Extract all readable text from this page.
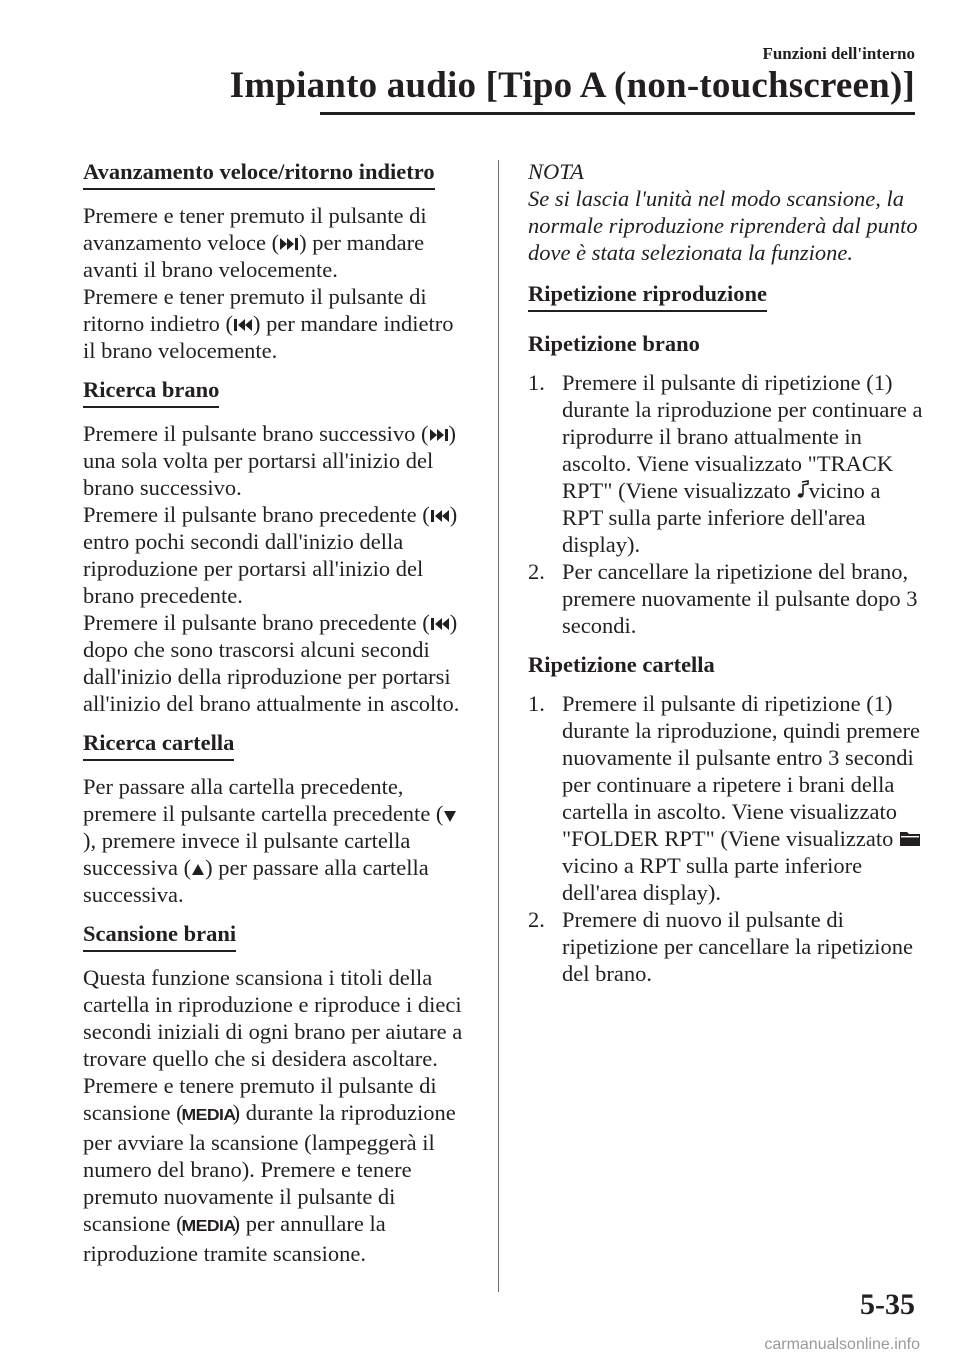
Funzioni dell'interno
Impianto audio [Tipo A (non-touchscreen)]
Avanzamento veloce/ritorno indietro

Premere e tener premuto il pulsante di avanzamento veloce ( ) per mandare avanti il brano velocemente.

Premere e tener premuto il pulsante di ritorno indietro ( ) per mandare indietro il brano velocemente.

Ricerca brano

Premere il pulsante brano successivo ( ) una sola volta per portarsi all'inizio del brano successivo.

Premere il pulsante brano precedente ( ) entro pochi secondi dall'inizio della riproduzione per portarsi all'inizio del brano precedente.

Premere il pulsante brano precedente ( ) dopo che sono trascorsi alcuni secondi dall'inizio della riproduzione per portarsi all'inizio del brano attualmente in ascolto.

Ricerca cartella

Per passare alla cartella precedente, premere il pulsante cartella precedente (), premere invece il pulsante cartella successiva ( ) per passare alla cartella successiva.

Scansione brani

Questa funzione scansiona i titoli della cartella in riproduzione e riproduce i dieci secondi iniziali di ogni brano per aiutare a trovare quello che si desidera ascoltare.

Premere e tenere premuto il pulsante di scansione (MEDIA) durante la riproduzione per avviare la scansione (lampeggerà il numero del brano). Premere e tenere premuto nuovamente il pulsante di scansione (MEDIA) per annullare la riproduzione tramite scansione.

NOTA
Se si lascia l'unità nel modo scansione, la normale riproduzione riprenderà dal punto dove è stata selezionata la funzione.
Ripetizione riproduzione
Ripetizione brano
1. Premere il pulsante di ripetizione (1) durante la riproduzione per continuare a riprodurre il brano attualmente in ascolto. Viene visualizzato "TRACK RPT" (Viene visualizzato vicino a RPT sulla parte inferiore dell'area display).
2. Per cancellare la ripetizione del brano, premere nuovamente il pulsante dopo 3 secondi.
Ripetizione cartella
1. Premere il pulsante di ripetizione (1) durante la riproduzione, quindi premere nuovamente il pulsante entro 3 secondi per continuare a ripetere i brani della cartella in ascolto. Viene visualizzato "FOLDER RPT" (Viene visualizzato vicino a RPT sulla parte inferiore dell'area display).
2. Premere di nuovo il pulsante di ripetizione per cancellare la ripetizione del brano.
5-35
carmanualsonline.info
